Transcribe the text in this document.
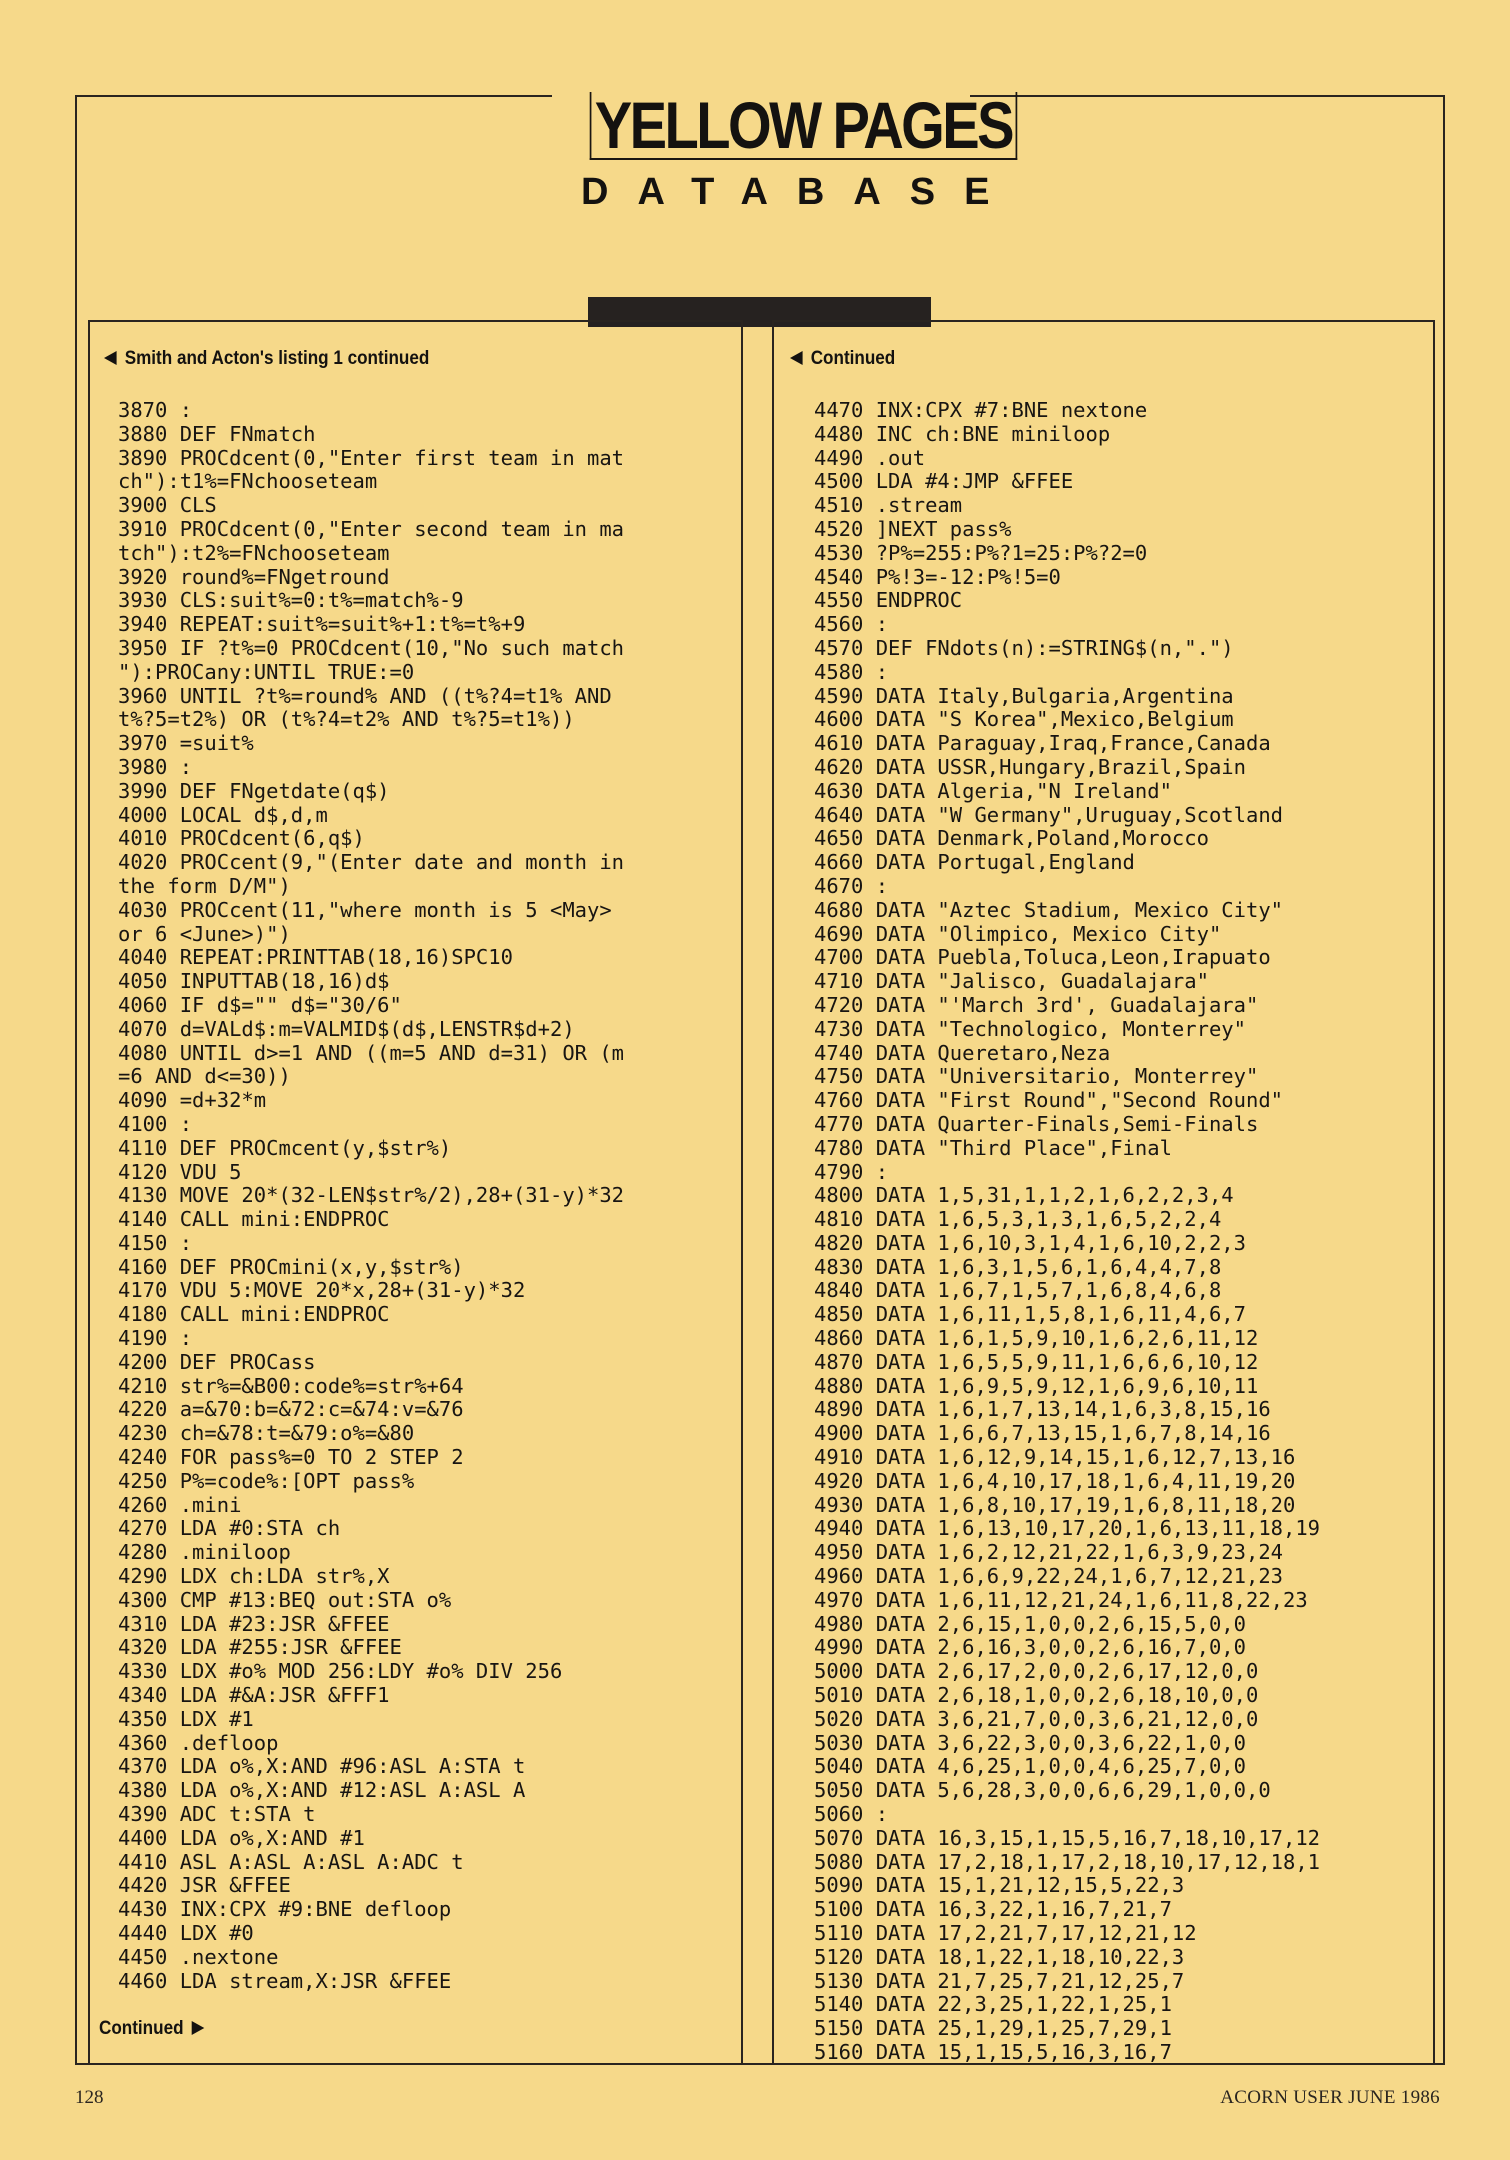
YELLOW PAGES
DATABASE
Smith and Acton's listing 1 continued
3870 :
3880 DEF FNmatch
3890 PROCdcent(0,"Enter first team in mat
ch"):t1%=FNchooseteam
3900 CLS
3910 PROCdcent(0,"Enter second team in ma
tch"):t2%=FNchooseteam
3920 round%=FNgetround
3930 CLS:suit%=0:t%=match%-9
3940 REPEAT:suit%=suit%+1:t%=t%+9
3950 IF ?t%=0 PROCdcent(10,"No such match
"):PROCany:UNTIL TRUE:=0
3960 UNTIL ?t%=round% AND ((t%?4=t1% AND
t%?5=t2%) OR (t%?4=t2% AND t%?5=t1%))
3970 =suit%
3980 :
3990 DEF FNgetdate(q$)
4000 LOCAL d$,d,m
4010 PROCdcent(6,q$)
4020 PROCcent(9,"(Enter date and month in
the form D/M")
4030 PROCcent(11,"where month is 5 <May>
or 6 <June>)")
4040 REPEAT:PRINTTAB(18,16)SPC10
4050 INPUTTAB(18,16)d$
4060 IF d$="" d$="30/6"
4070 d=VALd$:m=VALMID$(d$,LENSTR$d+2)
4080 UNTIL d>=1 AND ((m=5 AND d=31) OR (m
=6 AND d<=30))
4090 =d+32*m
4100 :
4110 DEF PROCmcent(y,$str%)
4120 VDU 5
4130 MOVE 20*(32-LEN$str%/2),28+(31-y)*32
4140 CALL mini:ENDPROC
4150 :
4160 DEF PROCmini(x,y,$str%)
4170 VDU 5:MOVE 20*x,28+(31-y)*32
4180 CALL mini:ENDPROC
4190 :
4200 DEF PROCass
4210 str%=&B00:code%=str%+64
4220 a=&70:b=&72:c=&74:v=&76
4230 ch=&78:t=&79:o%=&80
4240 FOR pass%=0 TO 2 STEP 2
4250 P%=code%:[OPT pass%
4260 .mini
4270 LDA #0:STA ch
4280 .miniloop
4290 LDX ch:LDA str%,X
4300 CMP #13:BEQ out:STA o%
4310 LDA #23:JSR &FFEE
4320 LDA #255:JSR &FFEE
4330 LDX #o% MOD 256:LDY #o% DIV 256
4340 LDA #&A:JSR &FFF1
4350 LDX #1
4360 .defloop
4370 LDA o%,X:AND #96:ASL A:STA t
4380 LDA o%,X:AND #12:ASL A:ASL A
4390 ADC t:STA t
4400 LDA o%,X:AND #1
4410 ASL A:ASL A:ASL A:ADC t
4420 JSR &FFEE
4430 INX:CPX #9:BNE defloop
4440 LDX #0
4450 .nextone
4460 LDA stream,X:JSR &FFEE
Continued
Continued
4470 INX:CPX #7:BNE nextone
4480 INC ch:BNE miniloop
4490 .out
4500 LDA #4:JMP &FFEE
4510 .stream
4520 ]NEXT pass%
4530 ?P%=255:P%?1=25:P%?2=0
4540 P%!3=-12:P%!5=0
4550 ENDPROC
4560 :
4570 DEF FNdots(n):=STRING$(n,".")
4580 :
4590 DATA Italy,Bulgaria,Argentina
4600 DATA "S Korea",Mexico,Belgium
4610 DATA Paraguay,Iraq,France,Canada
4620 DATA USSR,Hungary,Brazil,Spain
4630 DATA Algeria,"N Ireland"
4640 DATA "W Germany",Uruguay,Scotland
4650 DATA Denmark,Poland,Morocco
4660 DATA Portugal,England
4670 :
4680 DATA "Aztec Stadium, Mexico City"
4690 DATA "Olimpico, Mexico City"
4700 DATA Puebla,Toluca,Leon,Irapuato
4710 DATA "Jalisco, Guadalajara"
4720 DATA "'March 3rd', Guadalajara"
4730 DATA "Technologico, Monterrey"
4740 DATA Queretaro,Neza
4750 DATA "Universitario, Monterrey"
4760 DATA "First Round","Second Round"
4770 DATA Quarter-Finals,Semi-Finals
4780 DATA "Third Place",Final
4790 :
4800 DATA 1,5,31,1,1,2,1,6,2,2,3,4
4810 DATA 1,6,5,3,1,3,1,6,5,2,2,4
4820 DATA 1,6,10,3,1,4,1,6,10,2,2,3
4830 DATA 1,6,3,1,5,6,1,6,4,4,7,8
4840 DATA 1,6,7,1,5,7,1,6,8,4,6,8
4850 DATA 1,6,11,1,5,8,1,6,11,4,6,7
4860 DATA 1,6,1,5,9,10,1,6,2,6,11,12
4870 DATA 1,6,5,5,9,11,1,6,6,6,10,12
4880 DATA 1,6,9,5,9,12,1,6,9,6,10,11
4890 DATA 1,6,1,7,13,14,1,6,3,8,15,16
4900 DATA 1,6,6,7,13,15,1,6,7,8,14,16
4910 DATA 1,6,12,9,14,15,1,6,12,7,13,16
4920 DATA 1,6,4,10,17,18,1,6,4,11,19,20
4930 DATA 1,6,8,10,17,19,1,6,8,11,18,20
4940 DATA 1,6,13,10,17,20,1,6,13,11,18,19
4950 DATA 1,6,2,12,21,22,1,6,3,9,23,24
4960 DATA 1,6,6,9,22,24,1,6,7,12,21,23
4970 DATA 1,6,11,12,21,24,1,6,11,8,22,23
4980 DATA 2,6,15,1,0,0,2,6,15,5,0,0
4990 DATA 2,6,16,3,0,0,2,6,16,7,0,0
5000 DATA 2,6,17,2,0,0,2,6,17,12,0,0
5010 DATA 2,6,18,1,0,0,2,6,18,10,0,0
5020 DATA 3,6,21,7,0,0,3,6,21,12,0,0
5030 DATA 3,6,22,3,0,0,3,6,22,1,0,0
5040 DATA 4,6,25,1,0,0,4,6,25,7,0,0
5050 DATA 5,6,28,3,0,0,6,6,29,1,0,0,0
5060 :
5070 DATA 16,3,15,1,15,5,16,7,18,10,17,12
5080 DATA 17,2,18,1,17,2,18,10,17,12,18,1
5090 DATA 15,1,21,12,15,5,22,3
5100 DATA 16,3,22,1,16,7,21,7
5110 DATA 17,2,21,7,17,12,21,12
5120 DATA 18,1,22,1,18,10,22,3
5130 DATA 21,7,25,7,21,12,25,7
5140 DATA 22,3,25,1,22,1,25,1
5150 DATA 25,1,29,1,25,7,29,1
5160 DATA 15,1,15,5,16,3,16,7
128	ACORN USER JUNE 1986
